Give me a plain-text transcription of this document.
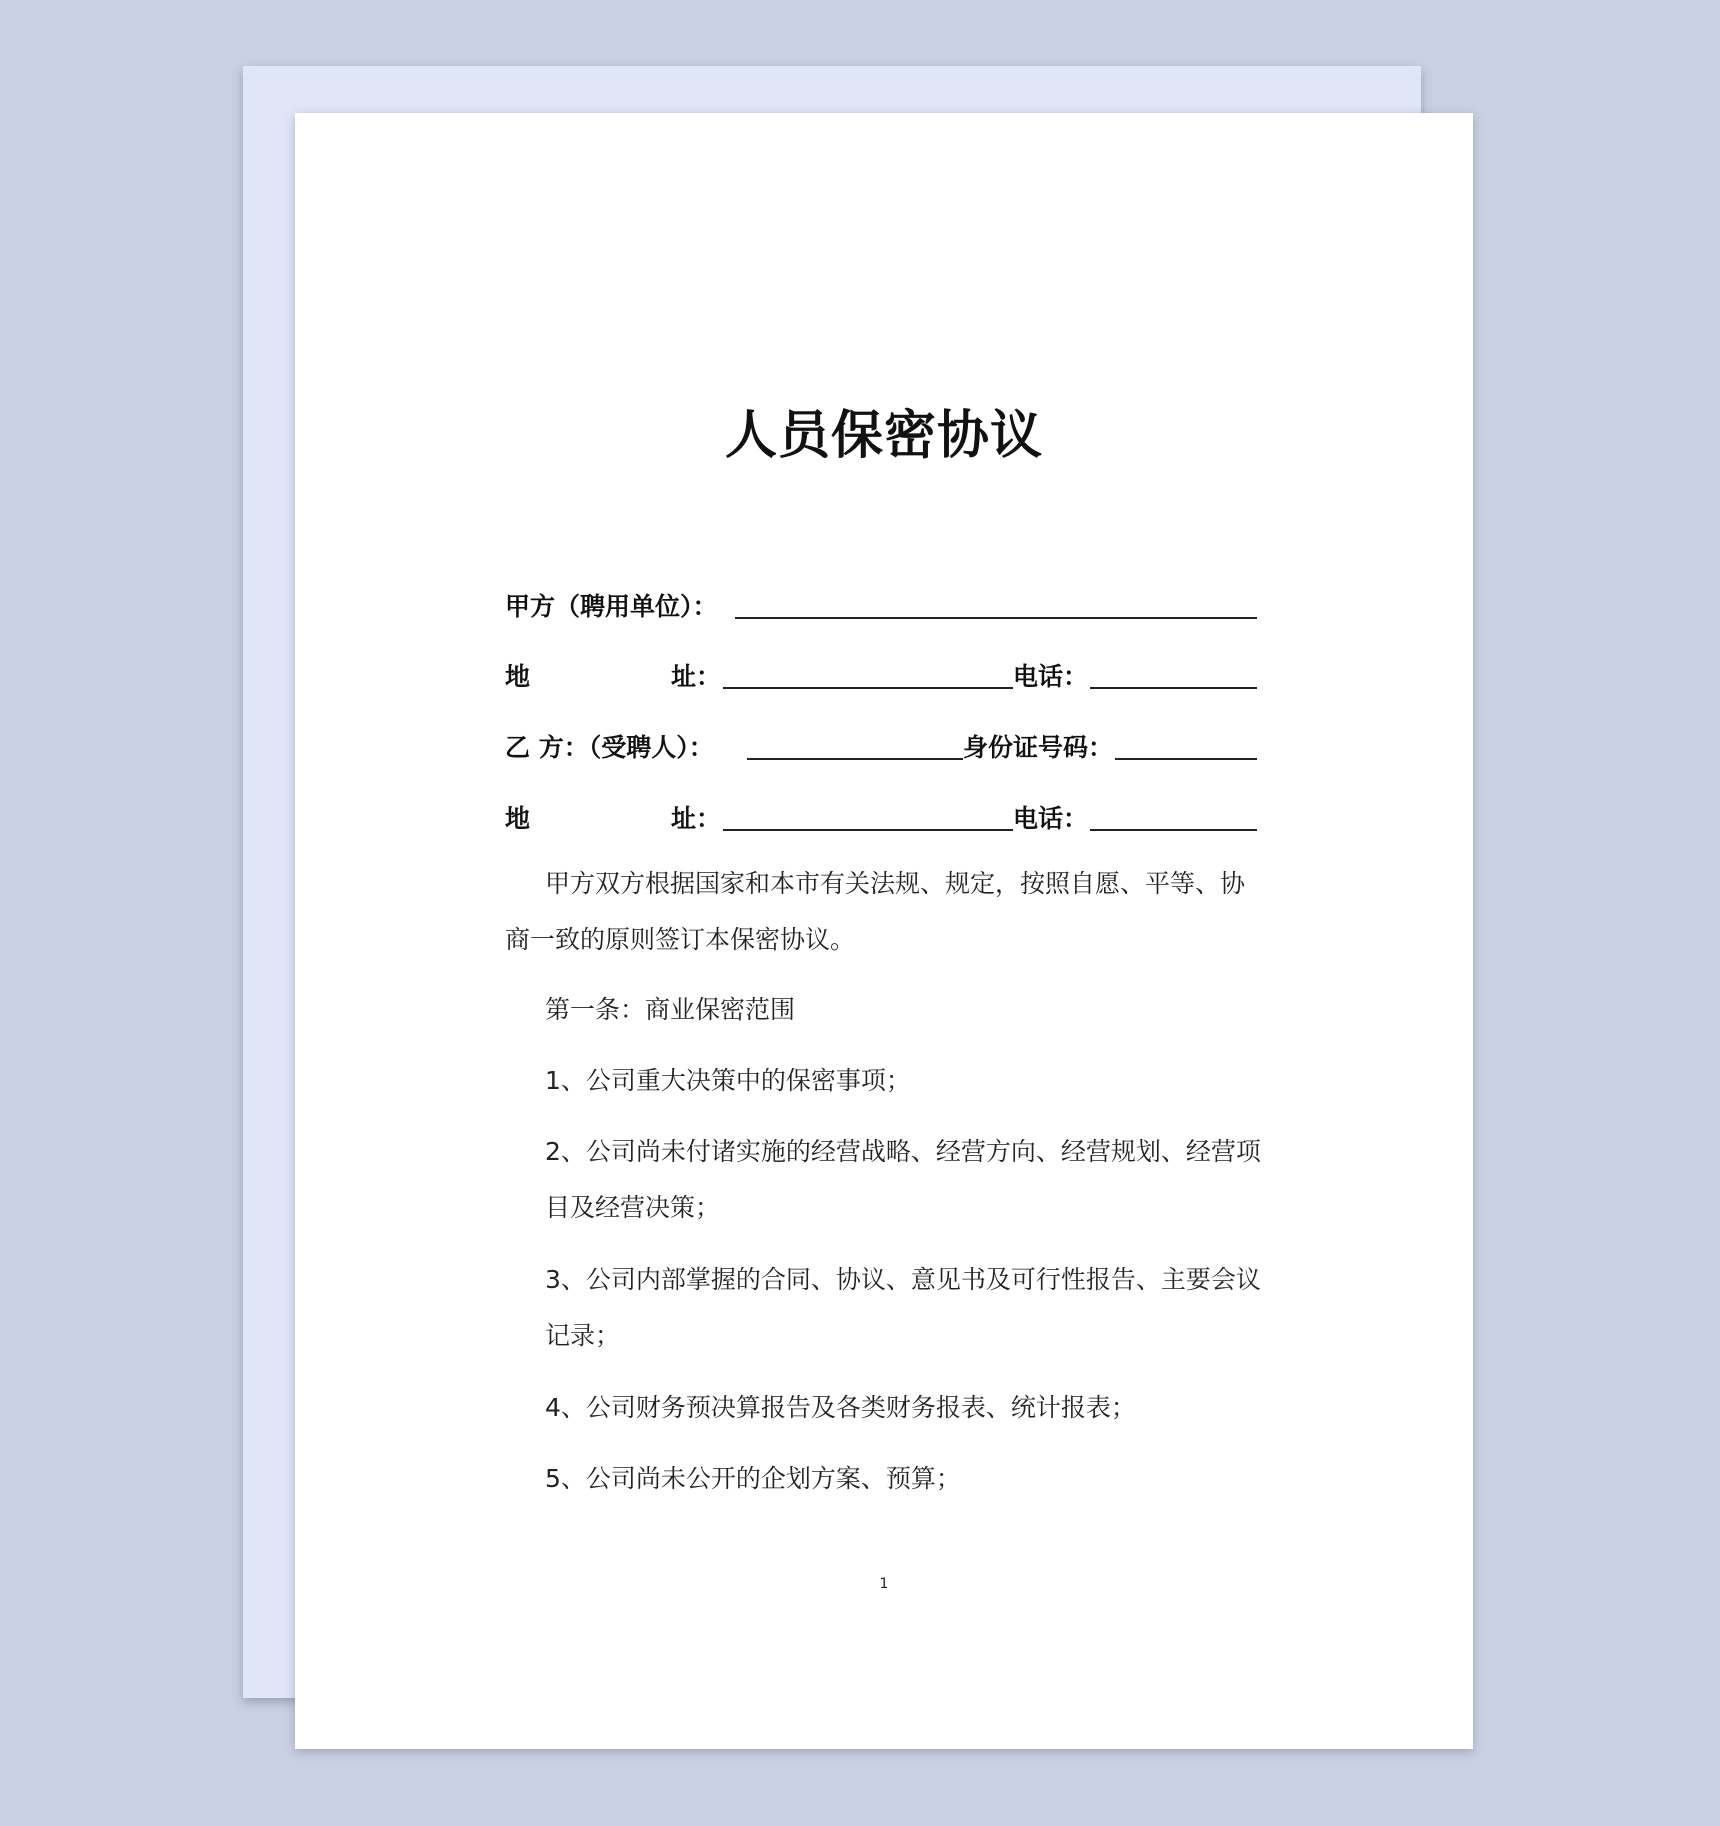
人员保密协议
甲方（聘用单位）：
地	址：	电话：
乙 方：（受聘人）：	身份证号码：
地	址：	电话：
甲方双方根据国家和本市有关法规、规定，按照自愿、平等、协
商一致的原则签订本保密协议。
第一条：商业保密范围
1、公司重大决策中的保密事项；
2、公司尚未付诸实施的经营战略、经营方向、经营规划、经营项
目及经营决策；
3、公司内部掌握的合同、协议、意见书及可行性报告、主要会议
记录；
4、公司财务预决算报告及各类财务报表、统计报表；
5、公司尚未公开的企划方案、预算；
1
